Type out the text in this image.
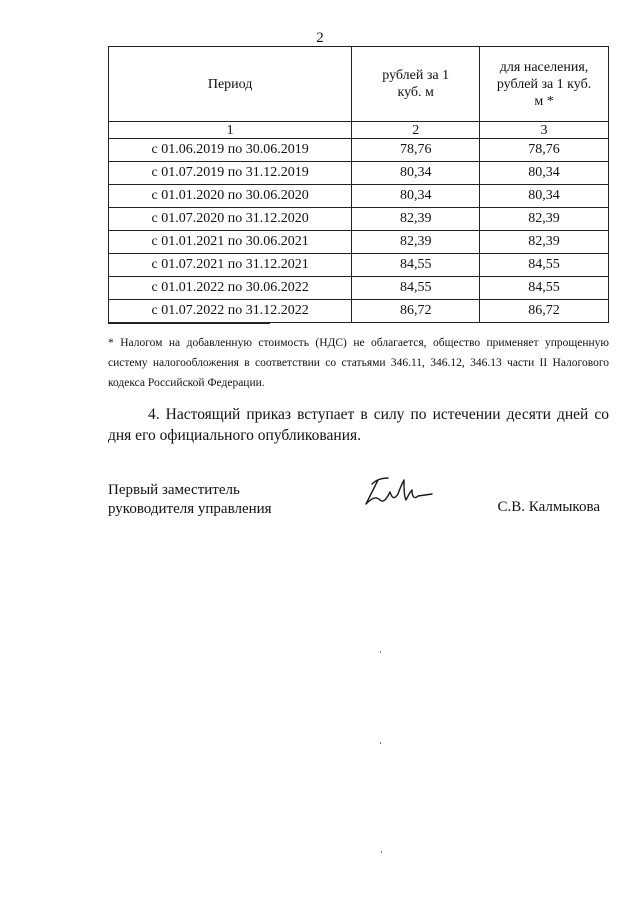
2
Период	рублей за 1 куб. м	для населения, рублей за 1 куб. м *

1	2	3
с 01.06.2019 по 30.06.2019	78,76	78,76
с 01.07.2019 по 31.12.2019	80,34	80,34
с 01.01.2020 по 30.06.2020	80,34	80,34
с 01.07.2020 по 31.12.2020	82,39	82,39
с 01.01.2021 по 30.06.2021	82,39	82,39
с 01.07.2021 по 31.12.2021	84,55	84,55
с 01.01.2022 по 30.06.2022	84,55	84,55
с 01.07.2022 по 31.12.2022	86,72	86,72
* Налогом на добавленную стоимость (НДС) не облагается, общество применяет упрощенную систему налогообложения в соответствии со статьями 346.11, 346.12, 346.13 части II Налогового кодекса Российской Федерации.
4. Настоящий приказ вступает в силу по истечении десяти дней со дня его официального опубликования.
Первый заместитель
руководителя управления	С.В. Калмыкова
